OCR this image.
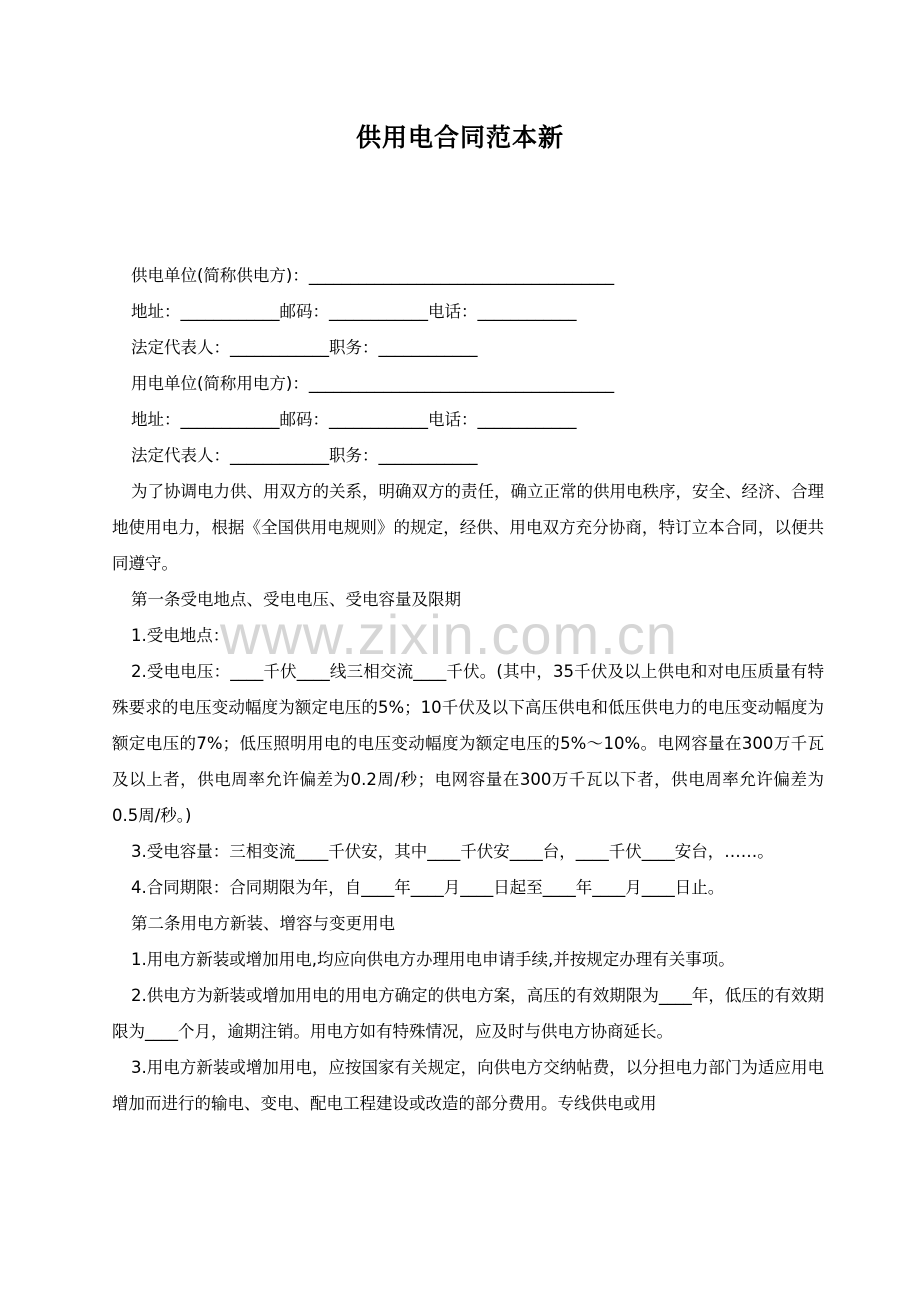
www.zixin.com.cn
供用电合同范本新
供电单位(简称供电方)：_____________________________________
地址：____________邮码：____________电话：____________
法定代表人：____________职务：____________
用电单位(简称用电方)：_____________________________________
地址：____________邮码：____________电话：____________
法定代表人：____________职务：____________
为了协调电力供、用双方的关系，明确双方的责任，确立正常的供用电秩序，安全、经济、合理地使用电力，根据《全国供用电规则》的规定，经供、用电双方充分协商，特订立本合同，以便共同遵守。
第一条受电地点、受电电压、受电容量及限期
1.受电地点：
2.受电电压：____千伏____线三相交流____千伏。(其中，35千伏及以上供电和对电压质量有特殊要求的电压变动幅度为额定电压的5%；10千伏及以下高压供电和低压供电力的电压变动幅度为额定电压的7%；低压照明用电的电压变动幅度为额定电压的5%～10%。电网容量在300万千瓦及以上者，供电周率允许偏差为0.2周/秒；电网容量在300万千瓦以下者，供电周率允许偏差为0.5周/秒。)
3.受电容量：三相变流____千伏安，其中____千伏安____台，____千伏____安台，……。
4.合同期限：合同期限为年，自____年____月____日起至____年____月____日止。
第二条用电方新装、增容与变更用电
1.用电方新装或增加用电,均应向供电方办理用电申请手续,并按规定办理有关事项。
2.供电方为新装或增加用电的用电方确定的供电方案，高压的有效期限为____年，低压的有效期限为____个月，逾期注销。用电方如有特殊情况，应及时与供电方协商延长。
3.用电方新装或增加用电，应按国家有关规定，向供电方交纳帖费，以分担电力部门为适应用电增加而进行的输电、变电、配电工程建设或改造的部分费用。专线供电或用
